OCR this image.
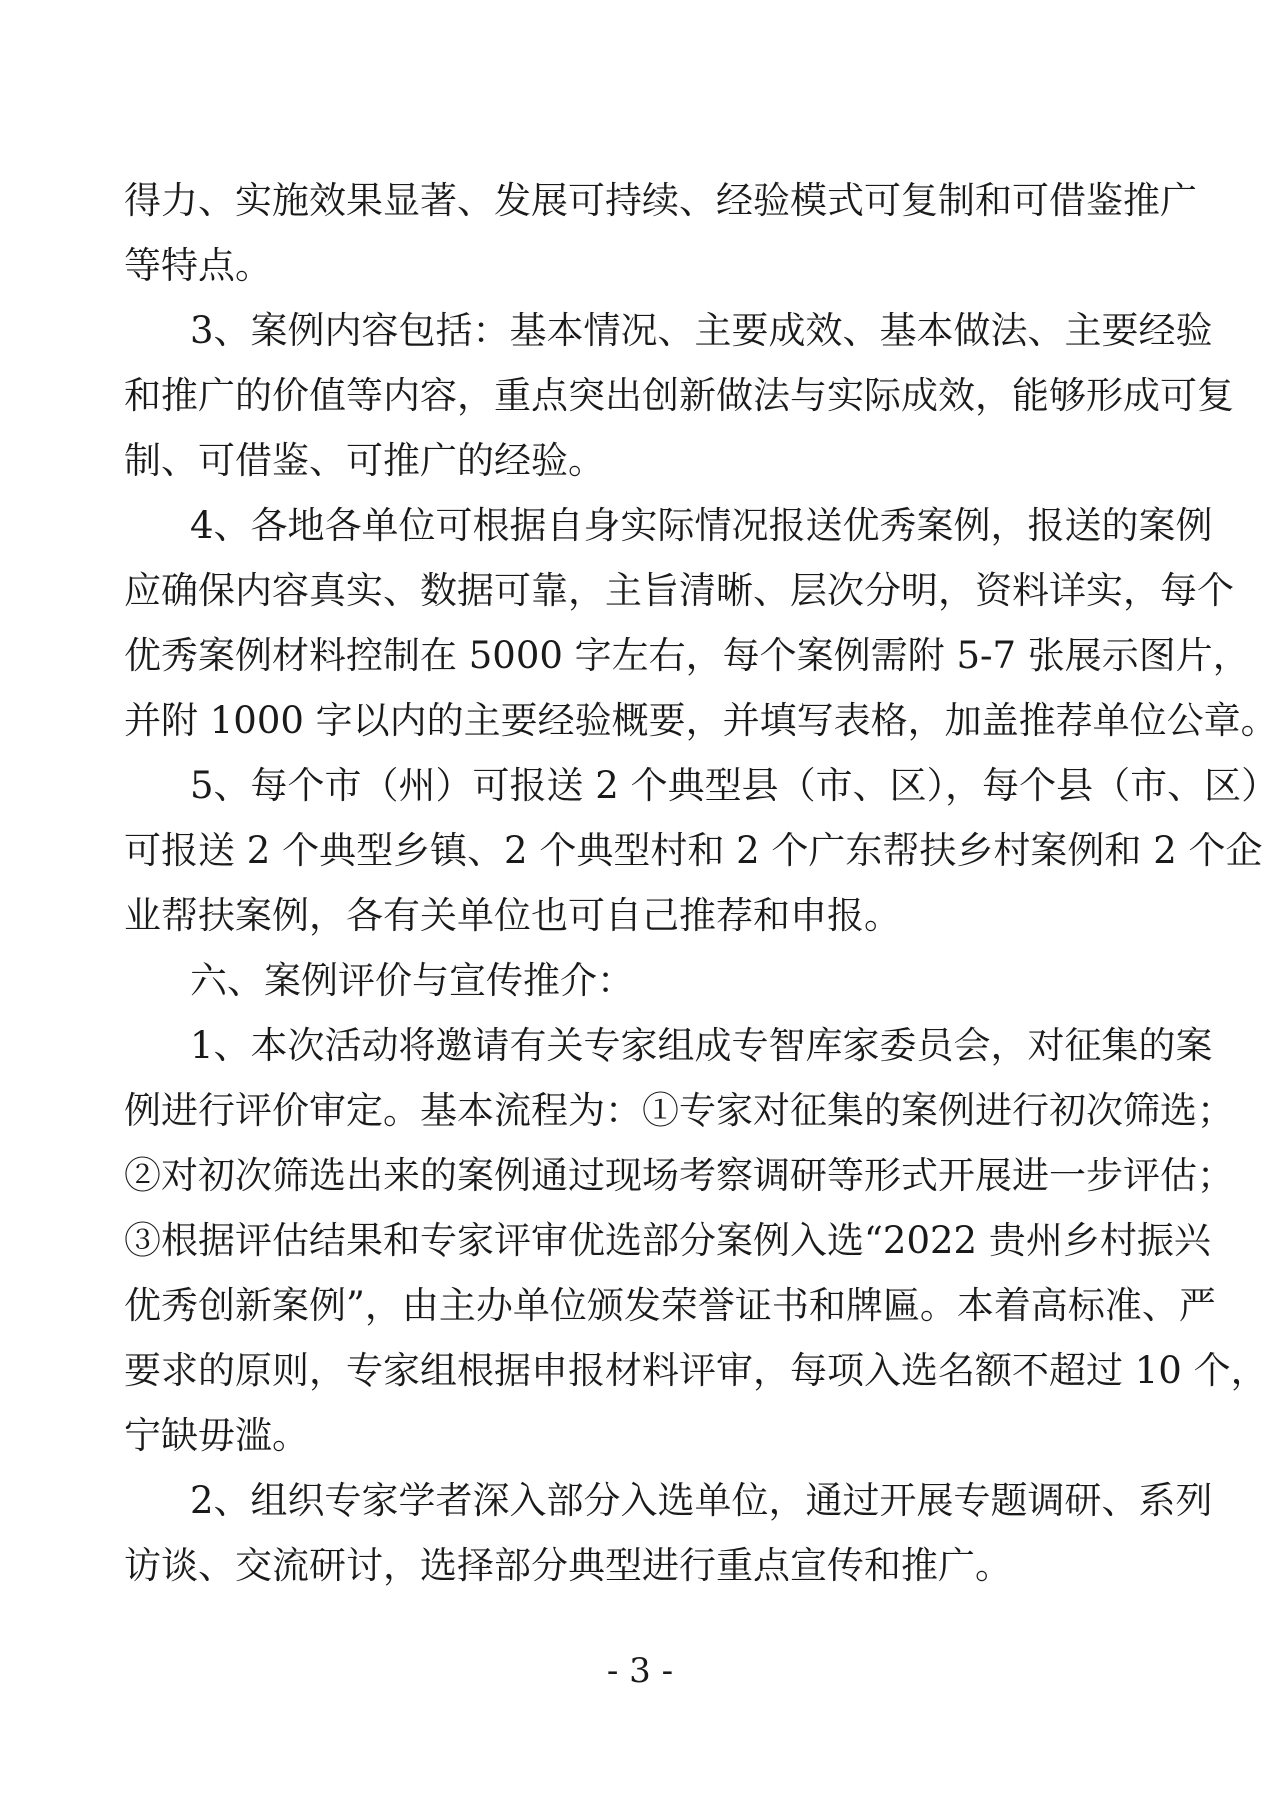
得力、实施效果显著、发展可持续、经验模式可复制和可借鉴推广
等特点。
3、案例内容包括：基本情况、主要成效、基本做法、主要经验
和推广的价值等内容，重点突出创新做法与实际成效，能够形成可复
制、可借鉴、可推广的经验。
4、各地各单位可根据自身实际情况报送优秀案例，报送的案例
应确保内容真实、数据可靠，主旨清晰、层次分明，资料详实，每个
优秀案例材料控制在 5000 字左右，每个案例需附 5-7 张展示图片，
并附 1000 字以内的主要经验概要，并填写表格，加盖推荐单位公章。
5、每个市（州）可报送 2 个典型县（市、区），每个县（市、区）
可报送 2 个典型乡镇、2 个典型村和 2 个广东帮扶乡村案例和 2 个企
业帮扶案例，各有关单位也可自己推荐和申报。
六、案例评价与宣传推介：
1、本次活动将邀请有关专家组成专智库家委员会，对征集的案
例进行评价审定。基本流程为：①专家对征集的案例进行初次筛选；
②对初次筛选出来的案例通过现场考察调研等形式开展进一步评估；
③根据评估结果和专家评审优选部分案例入选“2022 贵州乡村振兴
优秀创新案例”，由主办单位颁发荣誉证书和牌匾。本着高标准、严
要求的原则，专家组根据申报材料评审，每项入选名额不超过 10 个，
宁缺毋滥。
2、组织专家学者深入部分入选单位，通过开展专题调研、系列
访谈、交流研讨，选择部分典型进行重点宣传和推广。
- 3 -
